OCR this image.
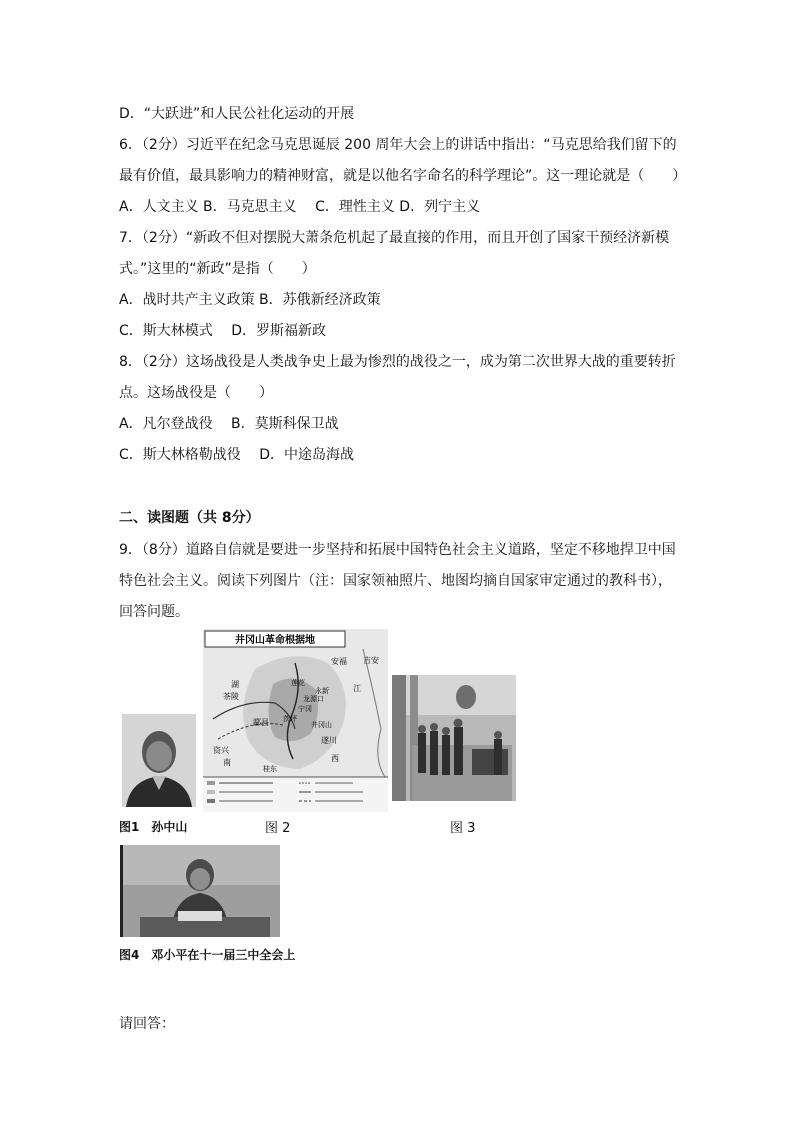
D．“大跃进”和人民公社化运动的开展
6．（2分）习近平在纪念马克思诞辰 200 周年大会上的讲话中指出：“马克思给我们留下的
最有价值，最具影响力的精神财富，就是以他名字命名的科学理论”。这一理论就是（　　）
A．人文主义 B．马克思主义　 C．理性主义 D．列宁主义
7．（2分）“新政不但对摆脱大萧条危机起了最直接的作用，而且开创了国家干预经济新模
式。”这里的“新政”是指（　　）
A．战时共产主义政策 B．苏俄新经济政策
C．斯大林模式　 D．罗斯福新政
8．（2分）这场战役是人类战争史上最为惨烈的战役之一，成为第二次世界大战的重要转折
点。这场战役是（　　）
A．凡尔登战役　 B．莫斯科保卫战
C．斯大林格勒战役　 D．中途岛海战
二、读图题（共 8分）
9．（8分）道路自信就是要进一步坚持和拓展中国特色社会主义道路，坚定不移地捍卫中国
特色社会主义。阅读下列图片（注：国家领袖照片、地图均摘自国家审定通过的教科书），
回答问题。
图1　孙中山
井冈山革命根据地
安福 吉安
江
湖
茶陵
莲花
永新
龙源口
宁冈
茨坪
井冈山
酃县
遂川
资兴
南	西
桂东
图 2	图 3
图4　邓小平在十一届三中全会上
请回答：
